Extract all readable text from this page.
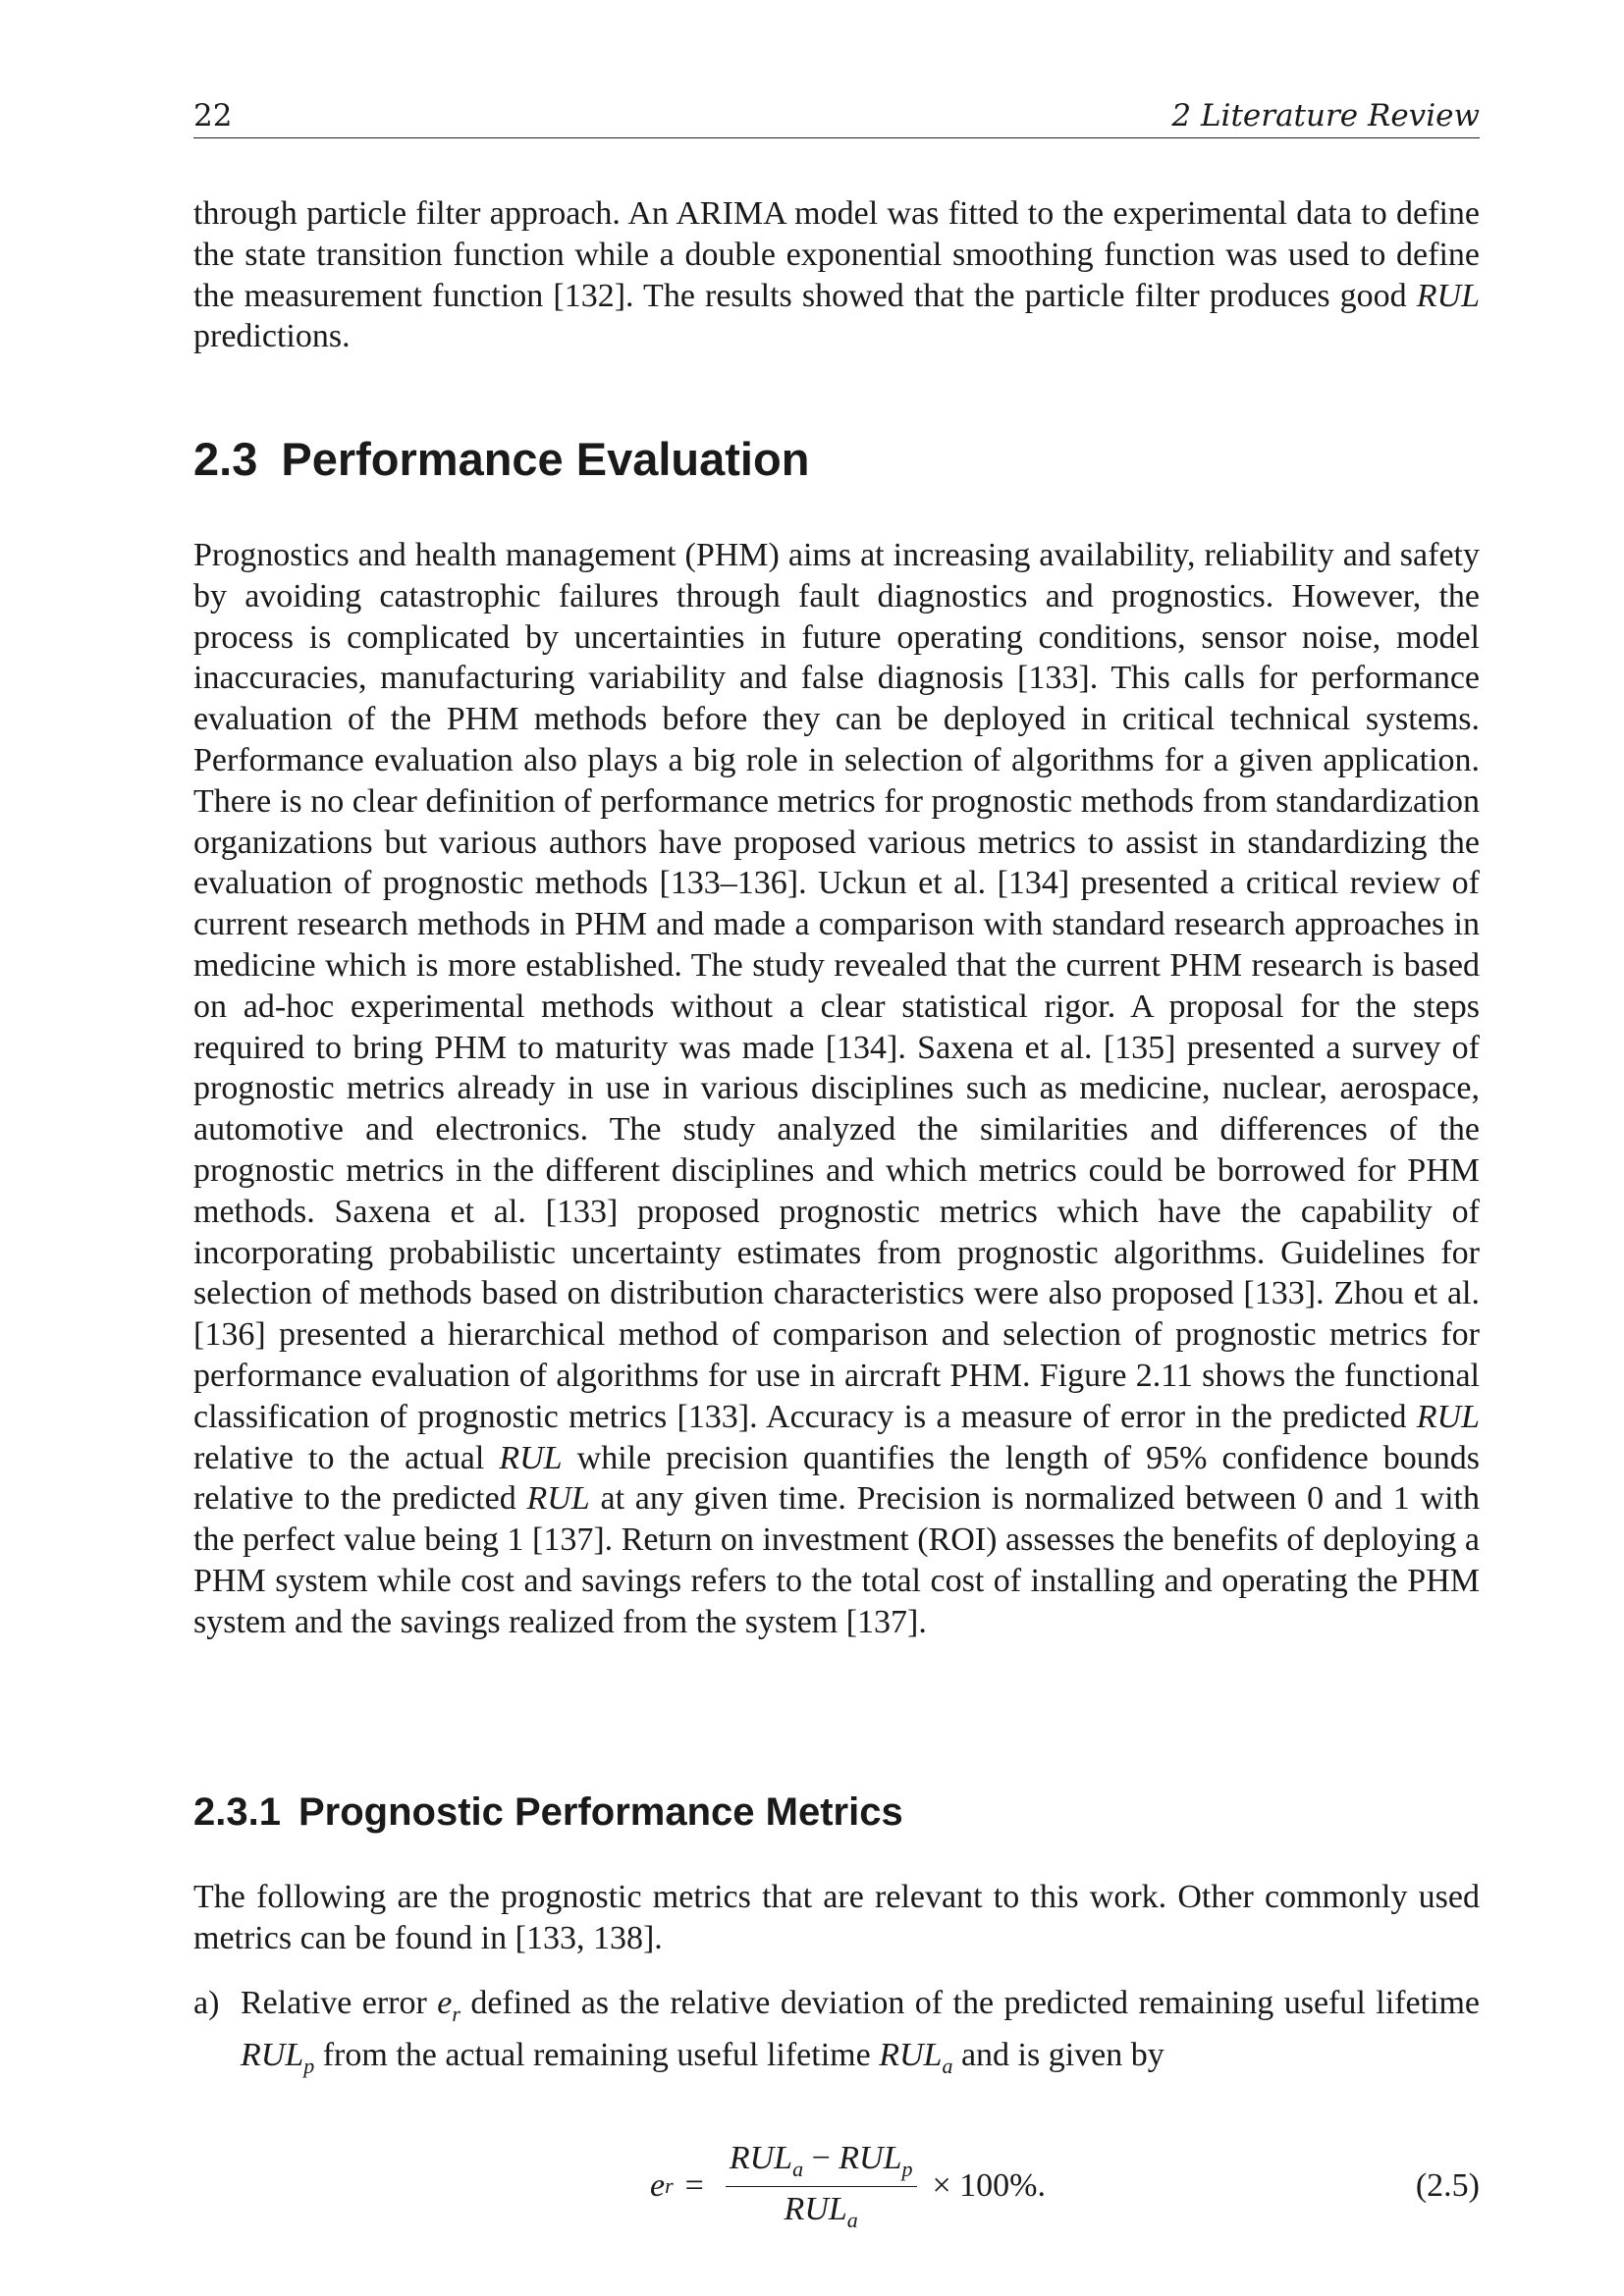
22	2 Literature Review

through particle filter approach. An ARIMA model was fitted to the experimental data to define the state transition function while a double exponential smoothing function was used to define the measurement function [132]. The results showed that the particle filter produces good RUL predictions.

2.3 Performance Evaluation

Prognostics and health management (PHM) aims at increasing availability, reliability and safety by avoiding catastrophic failures through fault diagnostics and prognostics. However, the process is complicated by uncertainties in future operating conditions, sensor noise, model inaccuracies, manufacturing variability and false diagnosis [133]. This calls for performance evaluation of the PHM methods before they can be deployed in critical technical systems. Performance evaluation also plays a big role in selection of algorithms for a given application. There is no clear definition of performance metrics for prognostic methods from standardization organizations but various authors have proposed various metrics to assist in standardizing the evaluation of prognostic methods [133–136]. Uckun et al. [134] presented a critical review of current research methods in PHM and made a comparison with standard research approaches in medicine which is more established. The study revealed that the current PHM research is based on ad-hoc experimental methods without a clear statistical rigor. A proposal for the steps required to bring PHM to maturity was made [134]. Saxena et al. [135] presented a survey of prognostic metrics already in use in various disciplines such as medicine, nuclear, aerospace, automotive and electronics. The study analyzed the similarities and differences of the prognostic metrics in the different disciplines and which metrics could be borrowed for PHM methods. Saxena et al. [133] proposed prognostic metrics which have the capability of incorporating probabilistic uncertainty estimates from prognostic algorithms. Guidelines for selection of methods based on distribution characteristics were also proposed [133]. Zhou et al. [136] presented a hierarchical method of comparison and selection of prognostic metrics for performance evaluation of algorithms for use in aircraft PHM. Figure 2.11 shows the functional classification of prognostic metrics [133]. Accuracy is a measure of error in the predicted RUL relative to the actual RUL while precision quantifies the length of 95% confidence bounds relative to the predicted RUL at any given time. Precision is normalized between 0 and 1 with the perfect value being 1 [137]. Return on investment (ROI) assesses the benefits of deploying a PHM system while cost and savings refers to the total cost of installing and operating the PHM system and the savings realized from the system [137].

2.3.1 Prognostic Performance Metrics

The following are the prognostic metrics that are relevant to this work. Other commonly used metrics can be found in [133, 138].

a) Relative error $e_r$ defined as the relative deviation of the predicted remaining useful lifetime $RUL_p$ from the actual remaining useful lifetime $RUL_a$ and is given by
e $r = \frac{RUL_a - RUL_p}{RUL_a} \times 100\%$.	(2.5)
